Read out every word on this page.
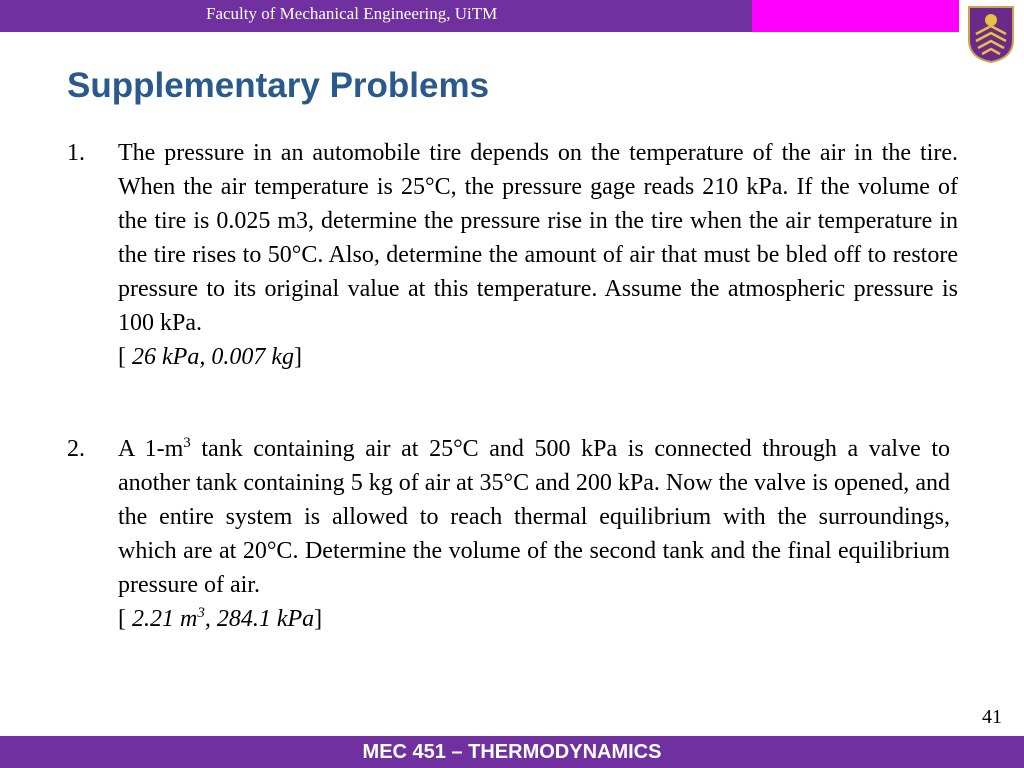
Faculty of Mechanical Engineering, UiTM
Supplementary Problems
1. The pressure in an automobile tire depends on the temperature of the air in the tire. When the air temperature is 25°C, the pressure gage reads 210 kPa. If the volume of the tire is 0.025 m3, determine the pressure rise in the tire when the air temperature in the tire rises to 50°C. Also, determine the amount of air that must be bled off to restore pressure to its original value at this temperature. Assume the atmospheric pressure is 100 kPa.
[ 26 kPa, 0.007 kg]
2. A $1-m^3$ tank containing air at 25°C and 500 kPa is connected through a valve to another tank containing 5 kg of air at 35°C and 200 kPa. Now the valve is opened, and the entire system is allowed to reach thermal equilibrium with the surroundings, which are at 20°C. Determine the volume of the second tank and the final equilibrium pressure of air.
[ 2.21 $m^3$, 284.1 kPa]
41
MEC 451 – THERMODYNAMICS
